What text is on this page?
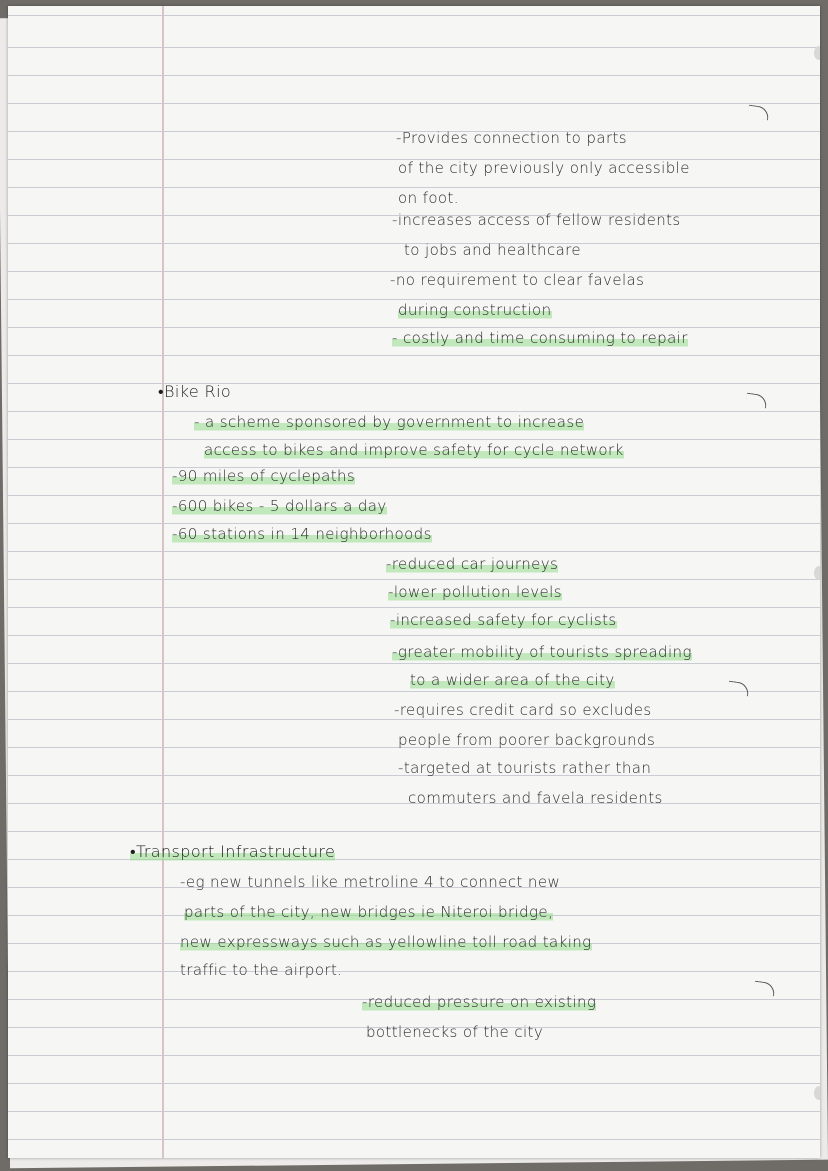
-Provides connection to parts

of the city previously only accessible

on foot.

-increases access of fellow residents

to jobs and healthcare

-no requirement to clear favelas

during construction

- costly and time consuming to repair

•Bike Rio

- a scheme sponsored by government to increase

access to bikes and improve safety for cycle network

-90 miles of cyclepaths

-600 bikes - 5 dollars a day

-60 stations in 14 neighborhoods

-reduced car journeys

-lower pollution levels

-increased safety for cyclists

-greater mobility of tourists spreading

to a wider area of the city

-requires credit card so excludes

people from poorer backgrounds

-targeted at tourists rather than

commuters and favela residents

•Transport Infrastructure

-eg new tunnels like metroline 4 to connect new

parts of the city, new bridges ie Niteroi bridge,

new expressways such as yellowline toll road taking

traffic to the airport.

-reduced pressure on existing

bottlenecks of the city
